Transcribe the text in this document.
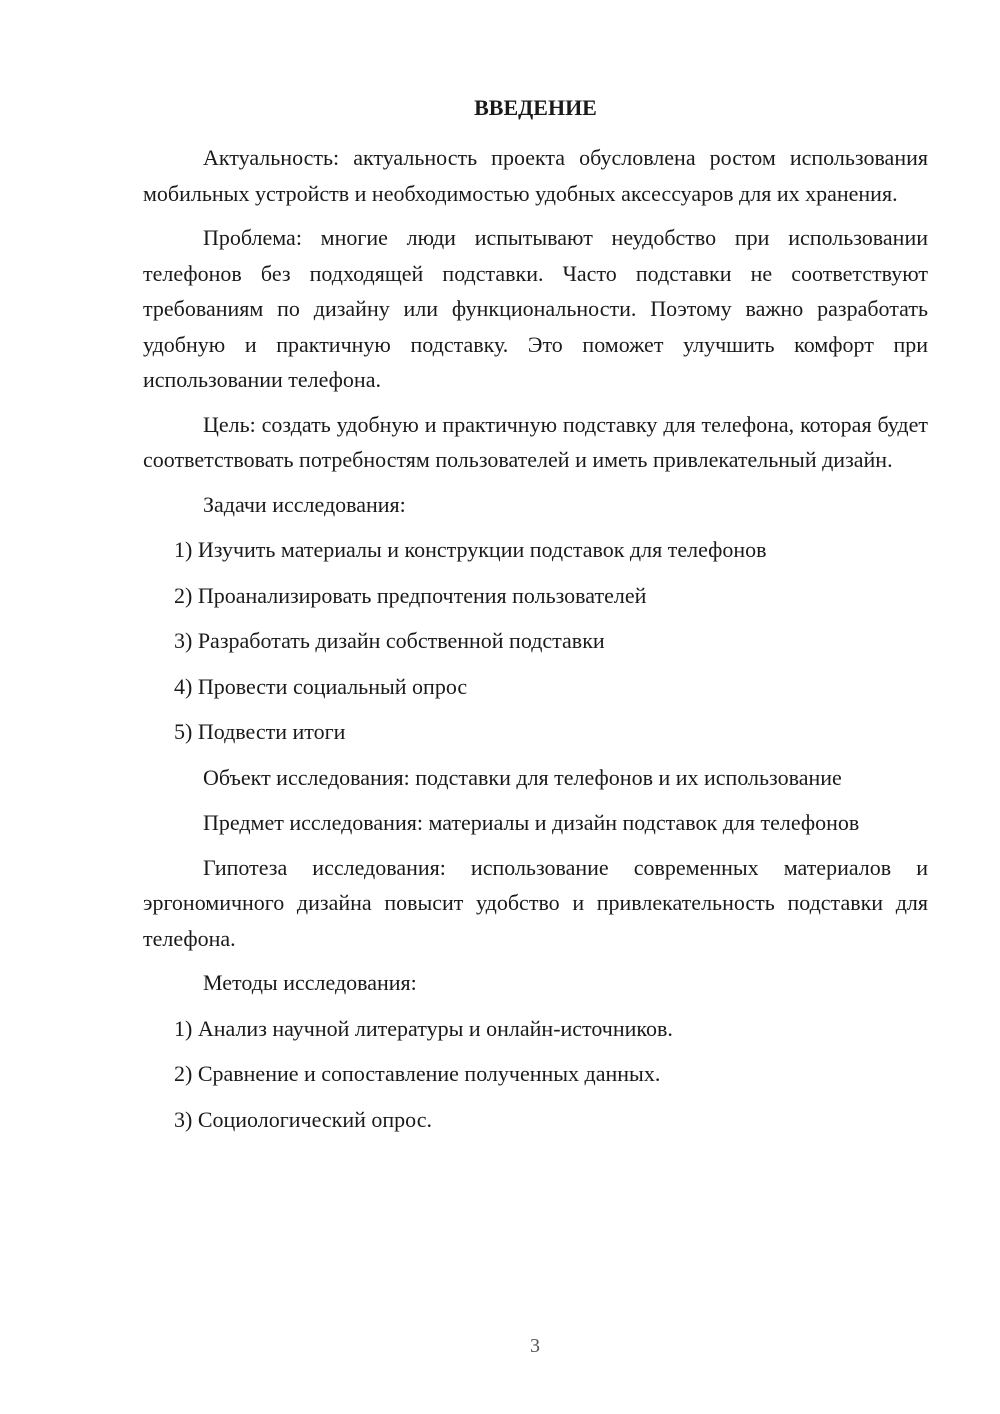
ВВЕДЕНИЕ

Актуальность: актуальность проекта обусловлена ростом использования мобильных устройств и необходимостью удобных аксессуаров для их хранения.

Проблема: многие люди испытывают неудобство при использовании телефонов без подходящей подставки. Часто подставки не соответствуют требованиям по дизайну или функциональности. Поэтому важно разработать удобную и практичную подставку. Это поможет улучшить комфорт при использовании телефона.

Цель: создать удобную и практичную подставку для телефона, которая будет соответствовать потребностям пользователей и иметь привлекательный дизайн.

Задачи исследования:
1) Изучить материалы и конструкции подставок для телефонов
2) Проанализировать предпочтения пользователей
3) Разработать дизайн собственной подставки
4) Провести социальный опрос
5) Подвести итоги
Объект исследования: подставки для телефонов и их использование

Предмет исследования: материалы и дизайн подставок для телефонов

Гипотеза исследования: использование современных материалов и эргономичного дизайна повысит удобство и привлекательность подставки для телефона.

Методы исследования:
1) Анализ научной литературы и онлайн-источников.
2) Сравнение и сопоставление полученных данных.
3) Социологический опрос.
3
